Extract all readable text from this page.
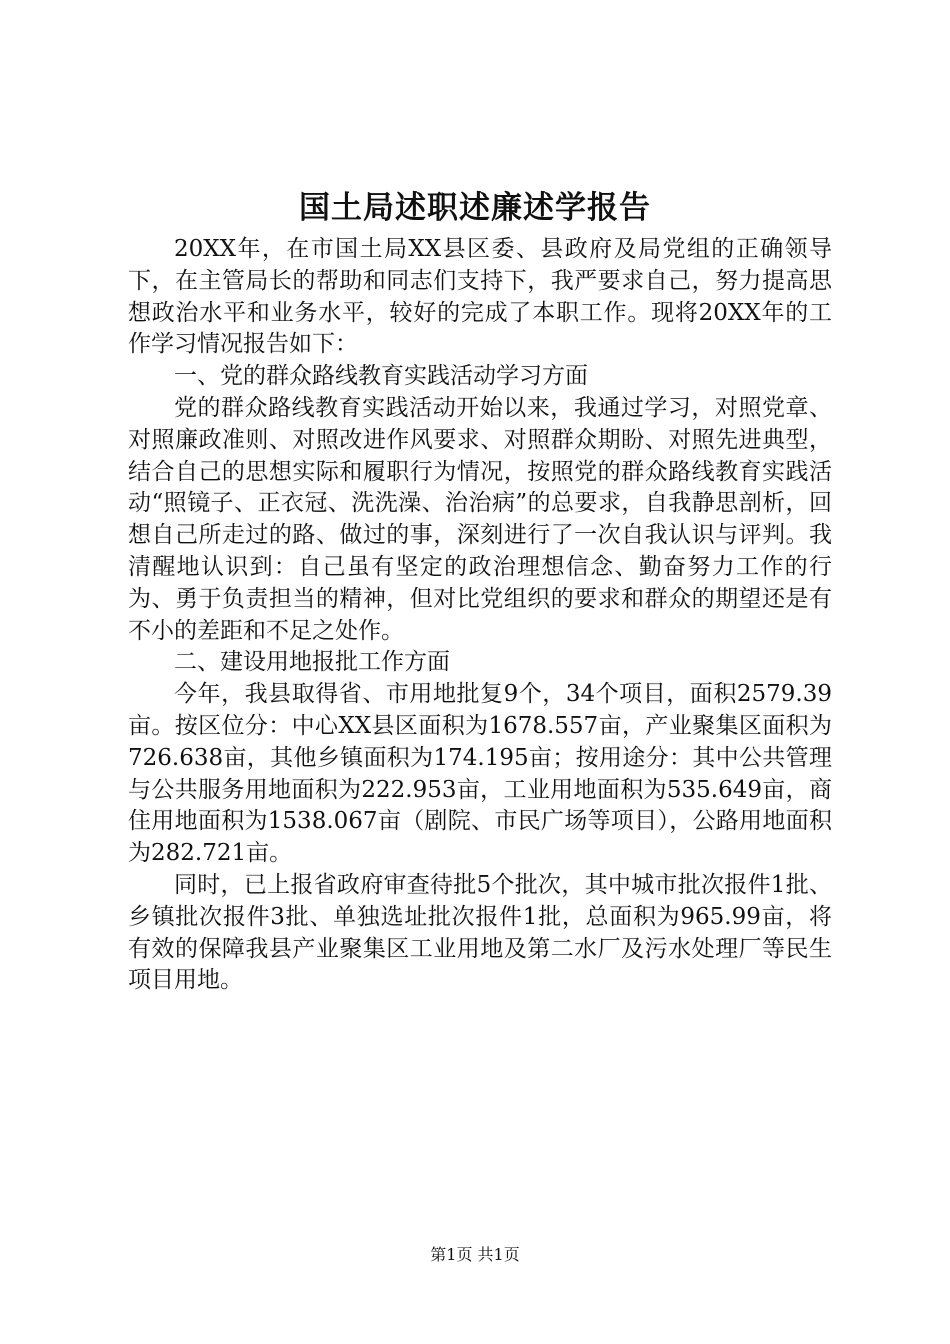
国土局述职述廉述学报告

20XX年，在市国土局XX县区委、县政府及局党组的正确领导下，在主管局长的帮助和同志们支持下，我严要求自己，努力提高思想政治水平和业务水平，较好的完成了本职工作。现将20XX年的工作学习情况报告如下：

一、党的群众路线教育实践活动学习方面

党的群众路线教育实践活动开始以来，我通过学习，对照党章、对照廉政准则、对照改进作风要求、对照群众期盼、对照先进典型，结合自己的思想实际和履职行为情况，按照党的群众路线教育实践活动“照镜子、正衣冠、洗洗澡、治治病”的总要求，自我静思剖析，回想自己所走过的路、做过的事，深刻进行了一次自我认识与评判。我清醒地认识到：自己虽有坚定的政治理想信念、勤奋努力工作的行为、勇于负责担当的精神，但对比党组织的要求和群众的期望还是有不小的差距和不足之处作。

二、建设用地报批工作方面

今年，我县取得省、市用地批复9个，34个项目，面积2579.39亩。按区位分：中心XX县区面积为1678.557亩，产业聚集区面积为726.638亩，其他乡镇面积为174.195亩；按用途分：其中公共管理与公共服务用地面积为222.953亩，工业用地面积为535.649亩，商住用地面积为1538.067亩（剧院、市民广场等项目），公路用地面积为282.721亩。

同时，已上报省政府审查待批5个批次，其中城市批次报件1批、乡镇批次报件3批、单独选址批次报件1批，总面积为965.99亩，将有效的保障我县产业聚集区工业用地及第二水厂及污水处理厂等民生项目用地。

第1页 共1页
